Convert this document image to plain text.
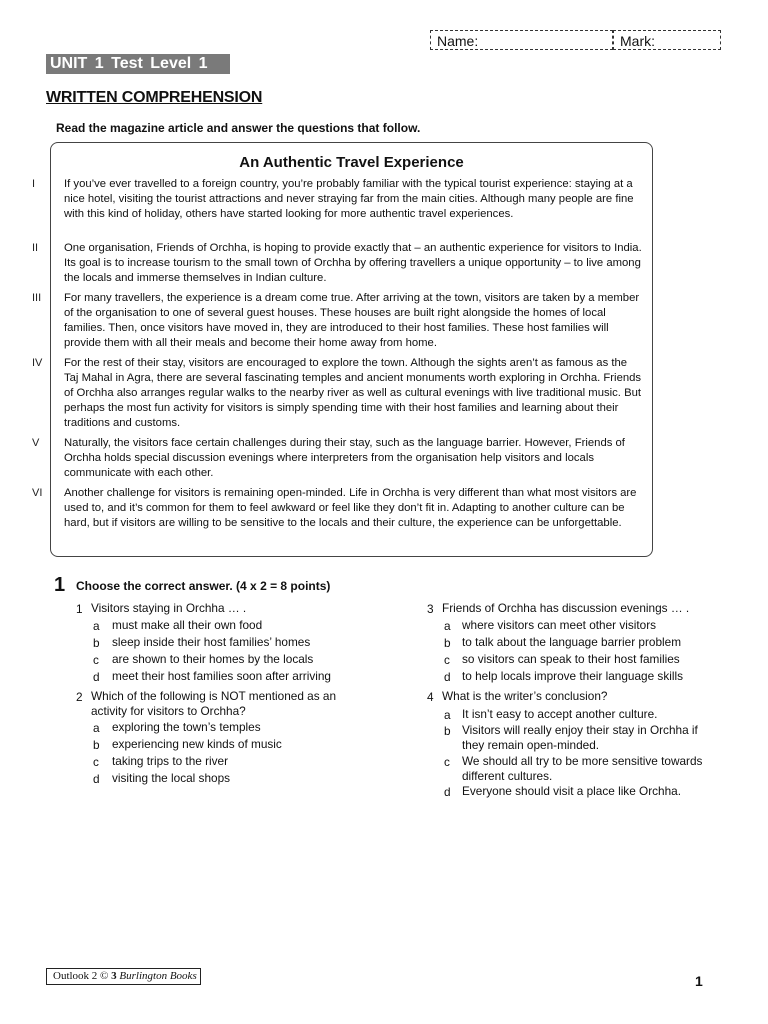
Name:	Mark:
UNIT 1 Test Level 1
WRITTEN COMPREHENSION
Read the magazine article and answer the questions that follow.
An Authentic Travel Experience
I	If you’ve ever travelled to a foreign country, you’re probably familiar with the typical tourist experience: staying at a nice hotel, visiting the tourist attractions and never straying far from the main cities. Although many people are fine with this kind of holiday, others have started looking for more authentic travel experiences.
II	One organisation, Friends of Orchha, is hoping to provide exactly that – an authentic experience for visitors to India. Its goal is to increase tourism to the small town of Orchha by offering travellers a unique opportunity – to live among the locals and immerse themselves in Indian culture.
III	For many travellers, the experience is a dream come true. After arriving at the town, visitors are taken by a member of the organisation to one of several guest houses. These houses are built right alongside the homes of local families. Then, once visitors have moved in, they are introduced to their host families. These host families will provide them with all their meals and become their home away from home.
IV	For the rest of their stay, visitors are encouraged to explore the town. Although the sights aren’t as famous as the Taj Mahal in Agra, there are several fascinating temples and ancient monuments worth exploring in Orchha. Friends of Orchha also arranges regular walks to the nearby river as well as cultural evenings with live traditional music. But perhaps the most fun activity for visitors is simply spending time with their host families and learning about their traditions and customs.
V	Naturally, the visitors face certain challenges during their stay, such as the language barrier. However, Friends of Orchha holds special discussion evenings where interpreters from the organisation help visitors and locals communicate with each other.
VI	Another challenge for visitors is remaining open-minded. Life in Orchha is very different than what most visitors are used to, and it’s common for them to feel awkward or feel like they don’t fit in. Adapting to another culture can be hard, but if visitors are willing to be sensitive to the locals and their culture, the experience can be unforgettable.
1 Choose the correct answer. (4 x 2 = 8 points)
1 Visitors staying in Orchha … .
a must make all their own food
b sleep inside their host families’ homes
c are shown to their homes by the locals
d meet their host families soon after arriving
2 Which of the following is NOT mentioned as an activity for visitors to Orchha?
a exploring the town’s temples
b experiencing new kinds of music
c taking trips to the river
d visiting the local shops
3 Friends of Orchha has discussion evenings … .
a where visitors can meet other visitors
b to talk about the language barrier problem
c so visitors can speak to their host families
d to help locals improve their language skills
4 What is the writer’s conclusion?
a It isn’t easy to accept another culture.
b Visitors will really enjoy their stay in Orchha if they remain open-minded.
c We should all try to be more sensitive towards different cultures.
d Everyone should visit a place like Orchha.
Outlook 2 © 3 Burlington Books	1
